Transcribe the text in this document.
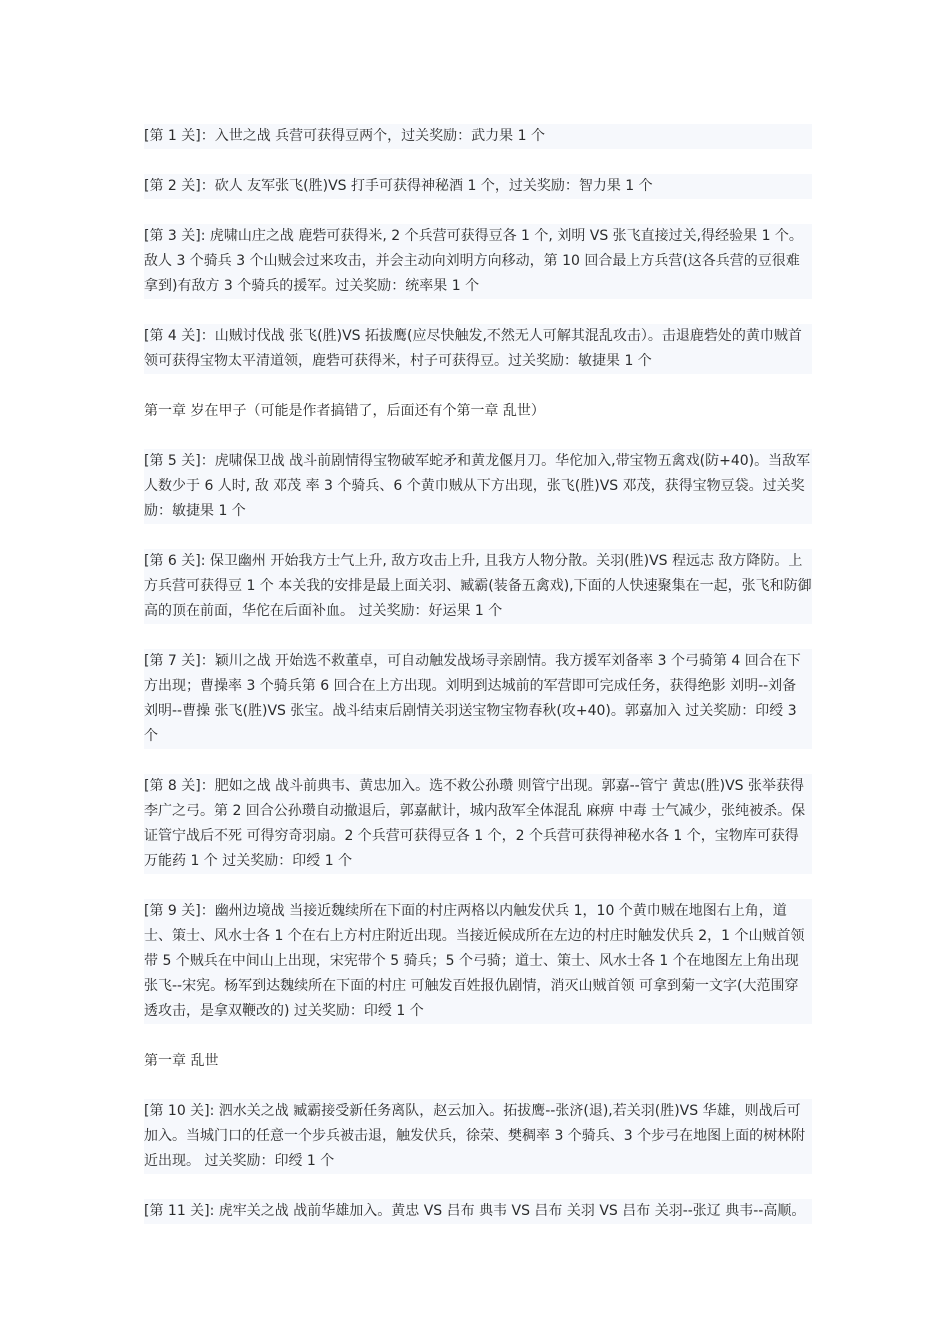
[第 1 关]：入世之战 兵营可获得豆两个，过关奖励：武力果 1 个

[第 2 关]：砍人 友军张飞(胜)VS 打手可获得神秘酒 1 个，过关奖励：智力果 1 个

[第 3 关]: 虎啸山庄之战 鹿砦可获得米, 2 个兵营可获得豆各 1 个, 刘明 VS 张飞直接过关,得经验果 1 个。敌人 3 个骑兵 3 个山贼会过来攻击，并会主动向刘明方向移动，第 10 回合最上方兵营(这各兵营的豆很难拿到)有敌方 3 个骑兵的援军。过关奖励：统率果 1 个

[第 4 关]：山贼讨伐战 张飞(胜)VS 拓拔鹰(应尽快触发,不然无人可解其混乱攻击）。击退鹿砦处的黄巾贼首领可获得宝物太平清道领，鹿砦可获得米，村子可获得豆。过关奖励：敏捷果 1 个

第一章 岁在甲子（可能是作者搞错了，后面还有个第一章 乱世）

[第 5 关]：虎啸保卫战 战斗前剧情得宝物破军蛇矛和黄龙偃月刀。华佗加入,带宝物五禽戏(防+40)。当敌军人数少于 6 人时, 敌 邓茂 率 3 个骑兵、6 个黄巾贼从下方出现，张飞(胜)VS 邓茂，获得宝物豆袋。过关奖励：敏捷果 1 个

[第 6 关]: 保卫幽州 开始我方士气上升, 敌方攻击上升, 且我方人物分散。关羽(胜)VS 程远志 敌方降防。上方兵营可获得豆 1 个 本关我的安排是最上面关羽、臧霸(装备五禽戏),下面的人快速聚集在一起，张飞和防御高的顶在前面，华佗在后面补血。 过关奖励：好运果 1 个

[第 7 关]：颖川之战 开始选不救董卓，可自动触发战场寻亲剧情。我方援军刘备率 3 个弓骑第 4 回合在下方出现；曹操率 3 个骑兵第 6 回合在上方出现。刘明到达城前的军营即可完成任务，获得绝影 刘明--刘备 刘明--曹操 张飞(胜)VS 张宝。战斗结束后剧情关羽送宝物宝物春秋(攻+40)。郭嘉加入 过关奖励：印绶 3 个

[第 8 关]：肥如之战 战斗前典韦、黄忠加入。选不救公孙瓒 则管宁出现。郭嘉--管宁 黄忠(胜)VS 张举获得李广之弓。第 2 回合公孙瓒自动撤退后，郭嘉献计，城内敌军全体混乱 麻痹 中毒 士气减少，张纯被杀。保证管宁战后不死 可得穷奇羽扇。2 个兵营可获得豆各 1 个，2 个兵营可获得神秘水各 1 个，宝物库可获得万能药 1 个 过关奖励：印绶 1 个

[第 9 关]：幽州边境战 当接近魏续所在下面的村庄两格以内触发伏兵 1，10 个黄巾贼在地图右上角，道士、策士、风水士各 1 个在右上方村庄附近出现。当接近候成所在左边的村庄时触发伏兵 2，1 个山贼首领带 5 个贼兵在中间山上出现，宋宪带个 5 骑兵；5 个弓骑；道士、策士、风水士各 1 个在地图左上角出现 张飞--宋宪。杨军到达魏续所在下面的村庄 可触发百姓报仇剧情，消灭山贼首领 可拿到菊一文字(大范围穿透攻击，是拿双鞭改的) 过关奖励：印绶 1 个

第一章 乱世

[第 10 关]: 泗水关之战 臧霸接受新任务离队，赵云加入。拓拔鹰--张济(退),若关羽(胜)VS 华雄，则战后可加入。当城门口的任意一个步兵被击退，触发伏兵，徐荣、樊稠率 3 个骑兵、3 个步弓在地图上面的树林附近出现。 过关奖励：印绶 1 个

[第 11 关]: 虎牢关之战 战前华雄加入。黄忠 VS 吕布 典韦 VS 吕布 关羽 VS 吕布 关羽--张辽 典韦--高顺。
